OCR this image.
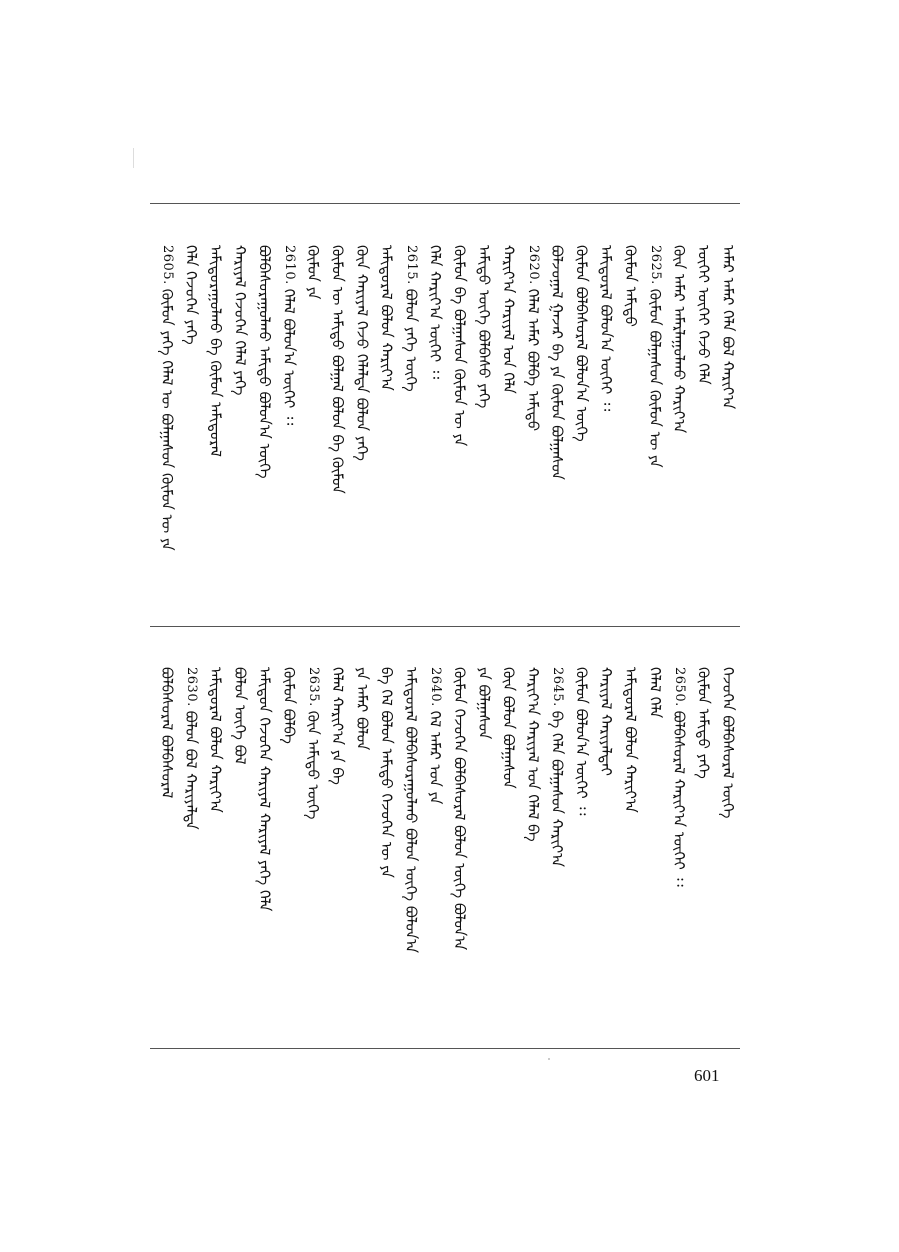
ᠠᠮᠠᠷ ᠠᠮᠠᠷ ᠬᠡᠯᠡ ᠪᠣᠯ ᠬᠠᠷᠢᠶ᠎ᠠ
ᠦᠭᠡᠶ ᠦᠭᠡᠶ ᠭᠡᠵᠦ ᠬᠡᠯᠡ
ᠬᠦᠨ ᠠᠮᠠᠷ ᠠᠮᠠᠷᠯᠠᠭᠤᠯᠬᠤ ᠬᠠᠷᠢᠶ᠎ᠠ
2625.ᠬᠦᠮᠦᠨ ᠪᠣᠯᠭᠠᠰᠤᠨ ᠬᠦᠮᠦᠨ ᠦ ᠶᠠ
ᠬᠦᠮᠦᠨ ᠠᠮᠢᠳᠤ
ᠠᠮᠢᠳᠤᠷᠠᠯ ᠪᠣᠯᠤᠨ᠎ᠠ ᠦᠭᠡᠶ ᠄᠄
ᠬᠦᠮᠦᠨ ᠪᠣᠯᠪᠠᠰᠤᠷᠠᠯ ᠪᠣᠯᠤᠨ᠎ᠠ ᠦᠭᠡ
ᠪᠣᠯᠵᠣᠭᠠᠯ ᠭᠠᠵᠠᠷ ᠪᠠ ᠶᠡ ᠬᠦᠮᠦᠨ ᠪᠣᠯᠭᠠᠰᠤᠨ
2620.ᠬᠡᠯᠡᠯ ᠠᠮᠠᠷ ᠪᠣᠯᠪᠠ ᠠᠮᠢᠳᠤ
ᠬᠠᠷᠢᠶ᠎ᠠ ᠬᠠᠷᠢᠶᠠᠯ ᠤᠨ ᠬᠡᠯᠡ
ᠠᠮᠢᠳᠤ ᠦᠭᠡ ᠪᠣᠯᠪᠠᠰᠤ ᠶᠡᠬᠡ
ᠬᠦᠮᠦᠨ ᠪᠠ ᠪᠣᠯᠭᠠᠰᠤᠨ ᠬᠦᠮᠦᠨ ᠦ ᠶᠠ
ᠬᠡᠯᠡ ᠬᠠᠷᠢᠶ᠎ᠠ ᠦᠭᠡᠶ ᠄᠄
2615.ᠪᠣᠯᠤᠨ ᠶᠡᠬᠡ ᠦᠭᠡ
ᠠᠮᠢᠳᠤᠷᠠᠯ ᠪᠣᠯᠤᠨ ᠬᠠᠷᠢᠶ᠎ᠠ
ᠬᠦᠨ ᠬᠠᠷᠢᠶᠠᠯ ᠭᠡᠵᠦ ᠬᠡᠯᠡᠯᠲᠡ ᠪᠣᠯᠤᠨ ᠶᠡᠬᠡ
ᠬᠦᠮᠦᠨ ᠦ ᠠᠮᠢᠳᠤ ᠪᠣᠯᠭᠠᠯ ᠪᠣᠯᠤᠨ ᠪᠠ ᠬᠦᠮᠦᠨ
ᠬᠦᠮᠦᠨ ᠶᠠ
2610.ᠬᠡᠯᠡᠯ ᠪᠣᠯᠤᠨ᠎ᠠ ᠦᠭᠡᠶ ᠄᠄
ᠪᠣᠯᠪᠠᠰᠤᠷᠠᠭᠤᠯᠬᠤ ᠠᠮᠢᠳᠤ ᠪᠣᠯᠤᠨ᠎ᠠ ᠦᠭᠡ
ᠬᠠᠷᠢᠶᠠᠯ ᠭᠡᠵᠦᠭᠡᠨ ᠬᠡᠯᠡᠯ ᠶᠡᠬᠡ
ᠠᠮᠢᠳᠤᠷᠠᠭᠤᠯᠬᠤ ᠪᠠ ᠬᠦᠮᠦᠨ ᠠᠮᠢᠳᠤᠷᠠᠯ
ᠬᠡᠯᠡ ᠭᠡᠵᠦᠭᠡᠨ ᠶᠡᠬᠡ
2605.ᠬᠦᠮᠦᠨ ᠶᠡᠬᠡ ᠬᠡᠯᠡᠯ ᠦ ᠪᠣᠯᠭᠠᠰᠤᠨ ᠬᠦᠮᠦᠨ ᠦ ᠶᠠ
ᠭᠡᠵᠦᠭᠡᠨ ᠪᠣᠯᠪᠠᠰᠤᠷᠠᠯ ᠦᠭᠡ
ᠬᠦᠮᠦᠨ ᠠᠮᠢᠳᠤ ᠶᠡᠬᠡ
2650.ᠪᠣᠯᠪᠠᠰᠤᠷᠠᠯ ᠬᠠᠷᠢᠶ᠎ᠠ ᠦᠭᠡᠶ ᠄᠄
ᠬᠡᠯᠡᠯ ᠬᠡᠯᠡ
ᠠᠮᠢᠳᠤᠷᠠᠯ ᠪᠣᠯᠤᠨ ᠬᠠᠷᠢᠶ᠎ᠠ
ᠬᠠᠷᠢᠶᠠᠯ ᠬᠠᠷᠢᠶᠠᠯᠲᠠᠢ
ᠬᠦᠮᠦᠨ ᠪᠣᠯᠤᠨ᠎ᠠ ᠦᠭᠡᠶ ᠄᠄
2645.ᠪᠠ ᠬᠡᠯᠡ ᠪᠣᠯᠭᠠᠰᠤᠨ ᠬᠠᠷᠢᠶ᠎ᠠ
ᠬᠠᠷᠢᠶ᠎ᠠ ᠬᠠᠷᠢᠶᠠᠯ ᠤᠨ ᠬᠡᠯᠡᠯ ᠪᠠ
ᠬᠦᠨ ᠪᠣᠯᠤᠨ ᠪᠣᠯᠭᠠᠰᠤᠨ
ᠶᠡ ᠪᠣᠯᠭᠠᠰᠤᠨ
ᠬᠦᠮᠦᠨ ᠭᠡᠵᠦᠭᠡᠨ ᠪᠣᠯᠪᠠᠰᠤᠷᠠᠯ ᠪᠣᠯᠤᠨ ᠦᠭᠡ ᠪᠣᠯᠤᠨ᠎ᠠ
2640.ᠬᠡᠯ ᠠᠮᠠᠷ ᠤᠨ ᠶᠠ
ᠠᠮᠢᠳᠤᠷᠠᠯ ᠪᠣᠯᠪᠠᠰᠤᠷᠠᠭᠤᠯᠬᠤ ᠪᠣᠯᠤᠨ ᠦᠭᠡ ᠪᠣᠯᠤᠨ᠎ᠠ
ᠪᠠ ᠬᠡᠯ ᠪᠣᠯᠤᠨ ᠠᠮᠢᠳᠤ ᠭᠡᠵᠦᠭᠡᠨ ᠦ ᠶᠠ
ᠶᠡ ᠠᠮᠠᠷ ᠪᠣᠯᠤᠨ
ᠬᠡᠯᠡᠯ ᠬᠠᠷᠢᠶ᠎ᠠ ᠶᠡ ᠪᠠ
2635.ᠬᠦᠨ ᠠᠮᠢᠳᠤ ᠦᠭᠡ
ᠬᠦᠮᠦᠨ ᠪᠣᠯᠪᠠ
ᠠᠮᠢᠳᠤᠨ ᠭᠡᠵᠦᠭᠡᠨ ᠬᠠᠷᠢᠶᠠᠯ ᠬᠠᠷᠢᠶᠠᠯ ᠶᠡᠬᠡ ᠬᠡᠯᠡ
ᠪᠣᠯᠤᠨ ᠦᠭᠡ ᠪᠣᠯ
ᠠᠮᠢᠳᠤᠷᠠᠯ ᠪᠣᠯᠤᠨ ᠬᠠᠷᠢᠶ᠎ᠠ
2630.ᠪᠣᠯᠤᠨ ᠪᠣᠯ ᠬᠠᠷᠢᠶᠠᠯᠲᠠ
ᠪᠣᠯᠪᠠᠰᠤᠷᠠᠯ ᠪᠣᠯᠪᠠᠰᠤᠷᠠᠯ
601
